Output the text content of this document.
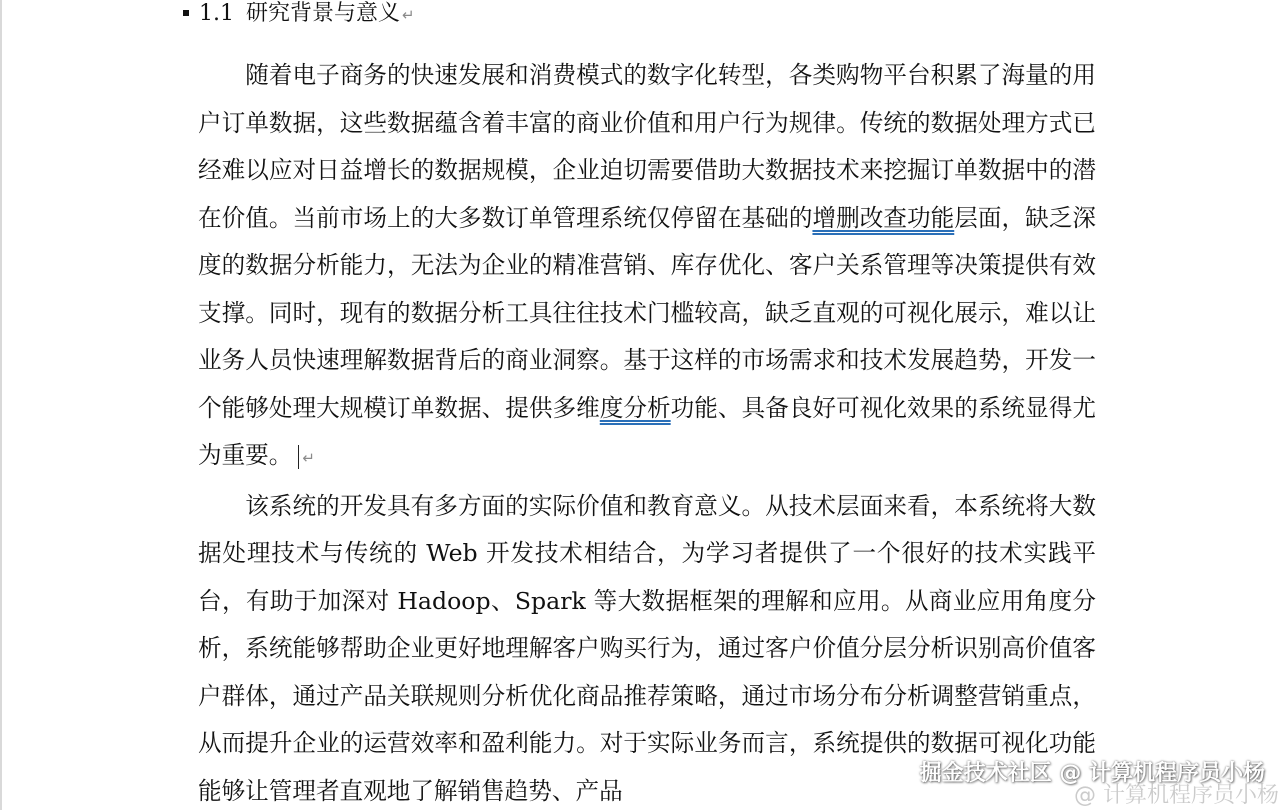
1.1 研究背景与意义 ↵

随着电子商务的快速发展和消费模式的数字化转型，各类购物平台积累了海量的用户订单数据，这些数据蕴含着丰富的商业价值和用户行为规律。传统的数据处理方式已经难以应对日益增长的数据规模，企业迫切需要借助大数据技术来挖掘订单数据中的潜在价值。当前市场上的大多数订单管理系统仅停留在基础的增删改查功能层面，缺乏深度的数据分析能力，无法为企业的精准营销、库存优化、客户关系管理等决策提供有效支撑。同时，现有的数据分析工具往往技术门槛较高，缺乏直观的可视化展示，难以让业务人员快速理解数据背后的商业洞察。基于这样的市场需求和技术发展趋势，开发一个能够处理大规模订单数据、提供多维度分析功能、具备良好可视化效果的系统显得尤为重要。 ↵

该系统的开发具有多方面的实际价值和教育意义。从技术层面来看，本系统将大数据处理技术与传统的 Web 开发技术相结合，为学习者提供了一个很好的技术实践平台，有助于加深对 Hadoop、Spark 等大数据框架的理解和应用。从商业应用角度分析，系统能够帮助企业更好地理解客户购买行为，通过客户价值分层分析识别高价值客户群体，通过产品关联规则分析优化商品推荐策略，通过市场分布分析调整营销重点，从而提升企业的运营效率和盈利能力。对于实际业务而言，系统提供的数据可视化功能能够让管理者直观地了解销售趋势、产品	@ 计算机程序员小杨
掘金技术社区 @ 计算机程序员小杨
